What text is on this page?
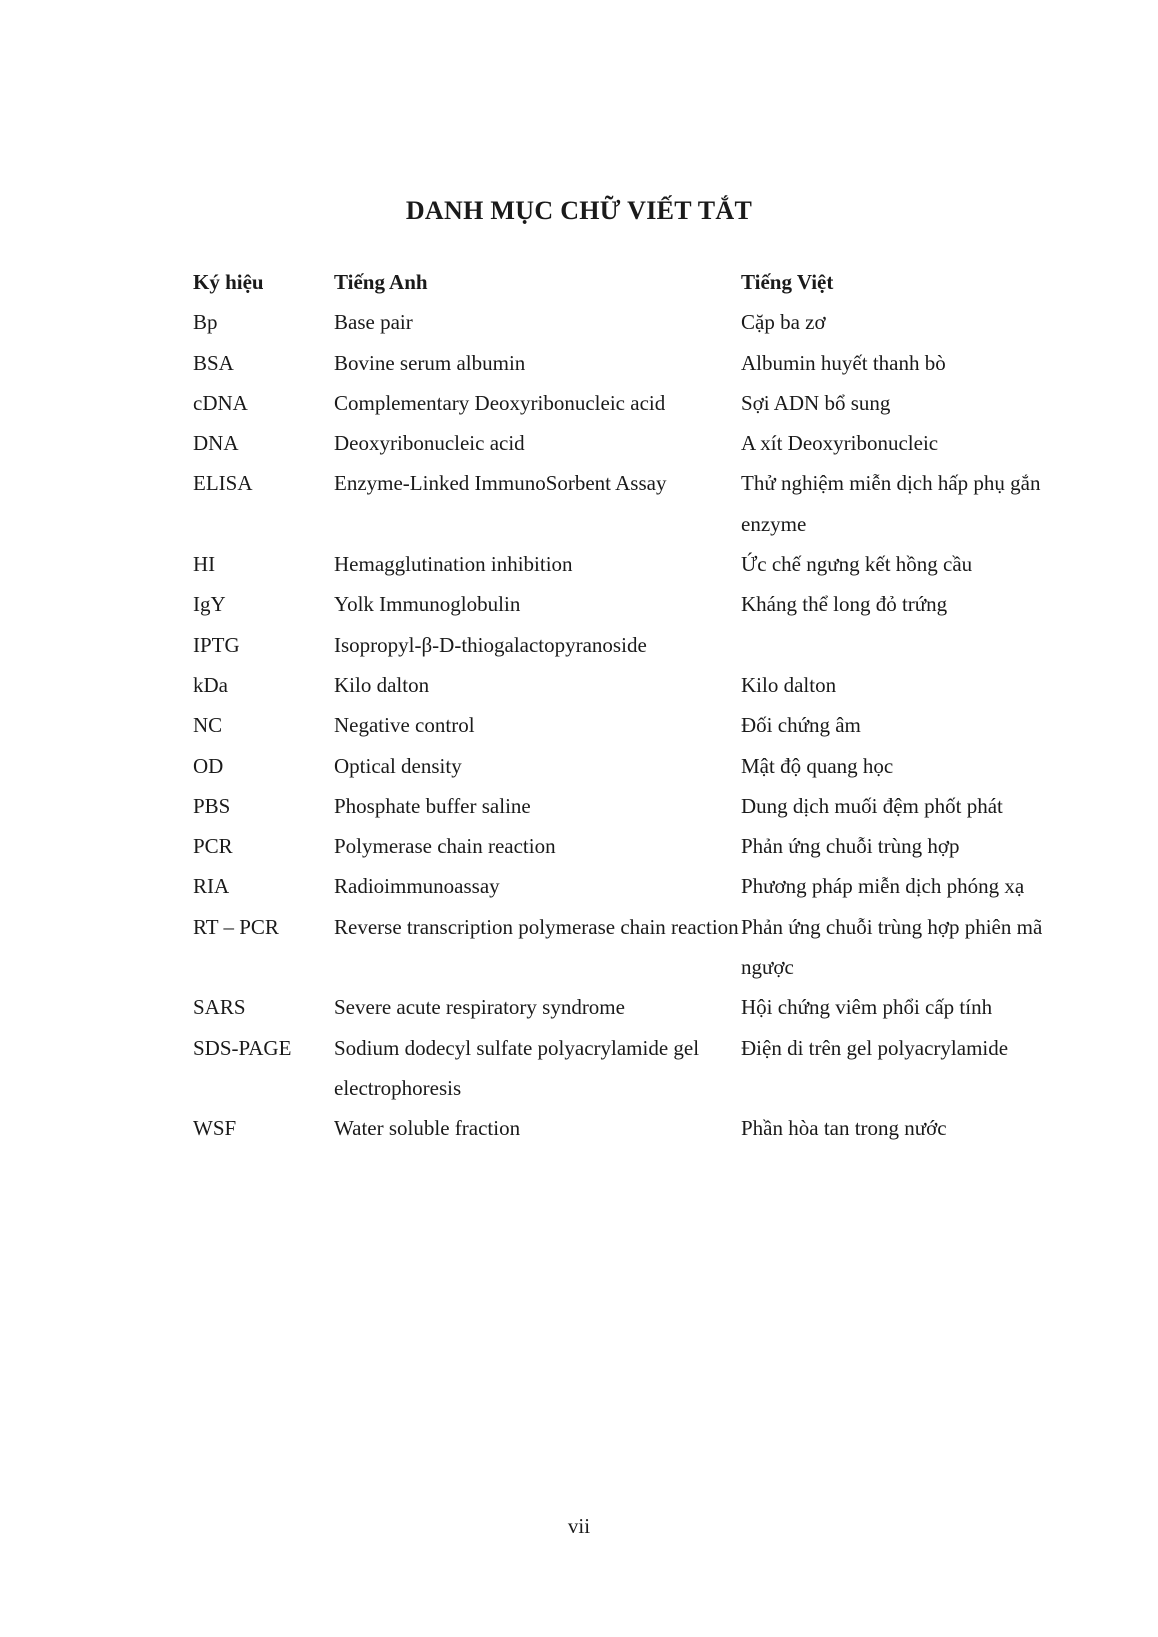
DANH MỤC CHỮ VIẾT TẮT
Ký hiệu	Tiếng Anh	Tiếng Việt
Bp	Base pair	Cặp ba zơ
BSA	Bovine serum albumin	Albumin huyết thanh bò
cDNA	Complementary Deoxyribonucleic acid	Sợi ADN bổ sung
DNA	Deoxyribonucleic acid	A xít Deoxyribonucleic
ELISA	Enzyme-Linked ImmunoSorbent Assay	Thử nghiệm miễn dịch hấp phụ gắn enzyme
HI	Hemagglutination inhibition	Ức chế ngưng kết hồng cầu
IgY	Yolk Immunoglobulin	Kháng thể long đỏ trứng
IPTG	Isopropyl-β-D-thiogalactopyranoside	
kDa	Kilo dalton	Kilo dalton
NC	Negative control	Đối chứng âm
OD	Optical density	Mật độ quang học
PBS	Phosphate buffer saline	Dung dịch muối đệm phốt phát
PCR	Polymerase chain reaction	Phản ứng chuỗi trùng hợp
RIA	Radioimmunoassay	Phương pháp miễn dịch phóng xạ
RT – PCR	Reverse transcription polymerase chain reaction	Phản ứng chuỗi trùng hợp phiên mã ngược
SARS	Severe acute respiratory syndrome	Hội chứng viêm phổi cấp tính
SDS-PAGE	Sodium dodecyl sulfate polyacrylamide gel electrophoresis	Điện di trên gel polyacrylamide
WSF	Water soluble fraction	Phần hòa tan trong nước
vii
